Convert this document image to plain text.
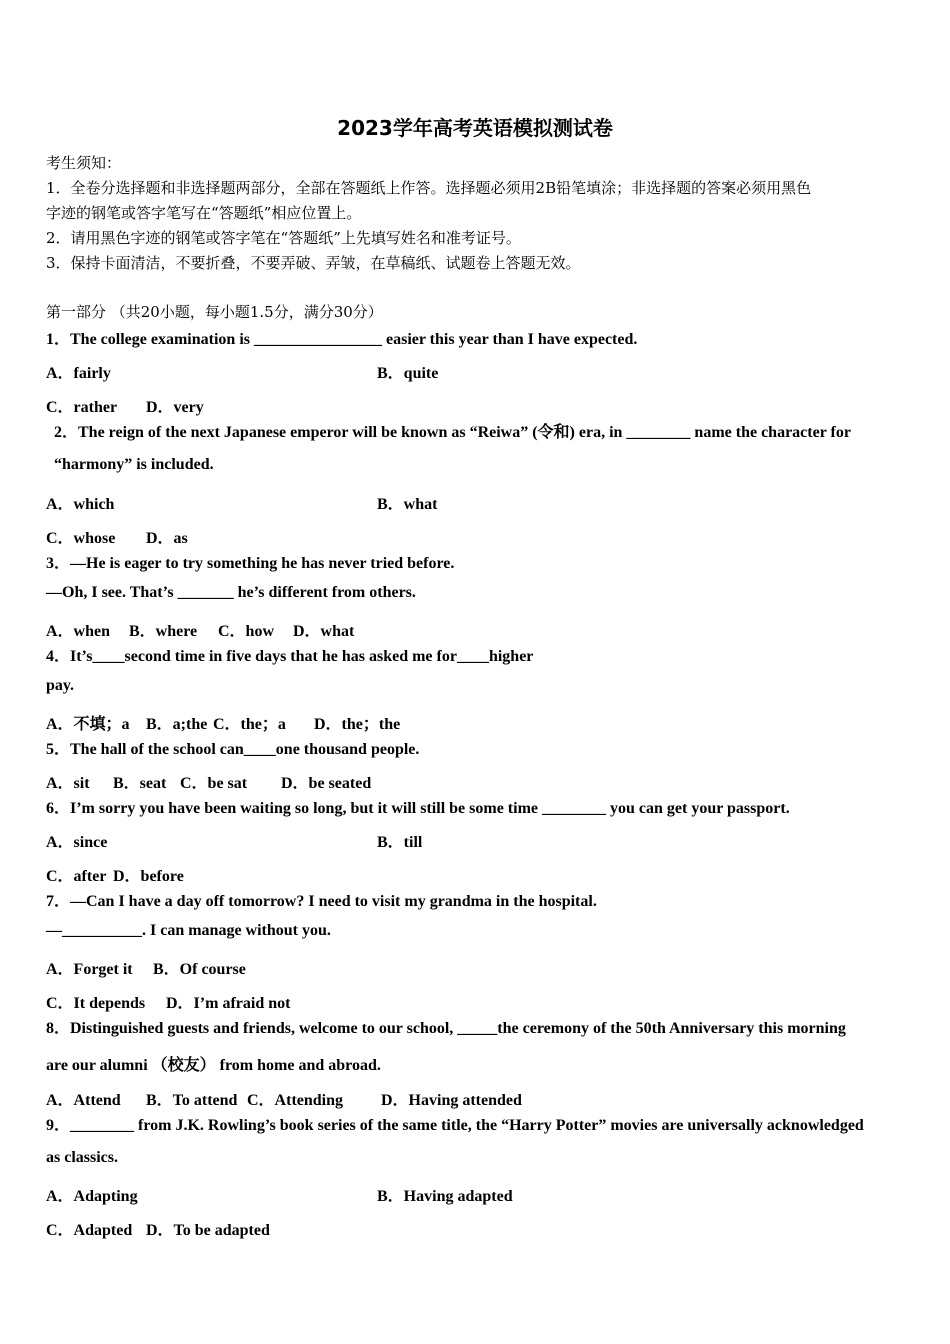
2023学年高考英语模拟测试卷
考生须知：
1．全卷分选择题和非选择题两部分，全部在答题纸上作答。选择题必须用2B铅笔填涂；非选择题的答案必须用黑色
字迹的钢笔或答字笔写在“答题纸”相应位置上。
2．请用黑色字迹的钢笔或答字笔在“答题纸”上先填写姓名和准考证号。
3．保持卡面清洁，不要折叠，不要弄破、弄皱，在草稿纸、试题卷上答题无效。
第一部分 （共20小题，每小题1.5分，满分30分）
1．The college examination is ________________ easier this year than I have expected.
A．fairly	B．quite
C．rather D．very
2．The reign of the next Japanese emperor will be known as “Reiwa” (令和) era, in ________ name the character for
“harmony” is included.
A．which	B．what
C．whose D．as
3．—He is eager to try something he has never tried before.
—Oh, I see. That’s _______ he’s different from others.
A．when B．where C．how D．what
4．It’s____second time in five days that he has asked me for____higher
pay.
A．不填；a B．a;the C．the；a D．the；the
5．The hall of the school can____one thousand people.
A．sit B．seat C．be sat D．be seated
6．I’m sorry you have been waiting so long, but it will still be some time ________ you can get your passport.
A．since	B．till
C．after D．before
7．—Can I have a day off tomorrow? I need to visit my grandma in the hospital.
—__________. I can manage without you.
A．Forget it B．Of course
C．It depends D．I’m afraid not
8．Distinguished guests and friends, welcome to our school, _____the ceremony of the 50th Anniversary this morning
are our alumni （校友） from home and abroad.
A．Attend B．To attend C．Attending D．Having attended
9．________ from J.K. Rowling’s book series of the same title, the “Harry Potter” movies are universally acknowledged
as classics.
A．Adapting	B．Having adapted
C．Adapted D．To be adapted
